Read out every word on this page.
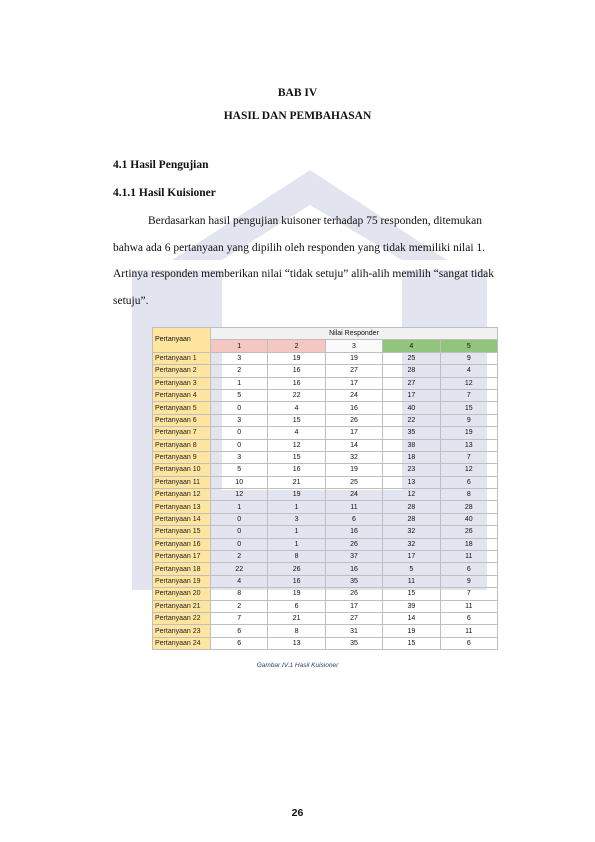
BAB IV
HASIL DAN PEMBAHASAN
4.1 Hasil Pengujian
4.1.1 Hasil Kuisioner
Berdasarkan hasil pengujian kuisoner terhadap 75 responden, ditemukan
bahwa ada 6 pertanyaan yang dipilih oleh responden yang tidak memiliki nilai 1.
Artinya responden memberikan nilai “tidak setuju” alih-alih memilih “sangat tidak
setuju”.
Pertanyaan	Nilai Responder				
	1	2	3	4	5
Pertanyaan 1	3	19	19	25	9
Pertanyaan 2	2	16	27	28	4
Pertanyaan 3	1	16	17	27	12
Pertanyaan 4	5	22	24	17	7
Pertanyaan 5	0	4	16	40	15
Pertanyaan 6	3	15	26	22	9
Pertanyaan 7	0	4	17	35	19
Pertanyaan 8	0	12	14	38	13
Pertanyaan 9	3	15	32	18	7
Pertanyaan 10	5	16	19	23	12
Pertanyaan 11	10	21	25	13	6
Pertanyaan 12	12	19	24	12	8
Pertanyaan 13	1	1	11	28	28
Pertanyaan 14	0	3	6	28	40
Pertanyaan 15	0	1	16	32	26
Pertanyaan 16	0	1	26	32	18
Pertanyaan 17	2	8	37	17	11
Pertanyaan 18	22	26	16	5	6
Pertanyaan 19	4	16	35	11	9
Pertanyaan 20	8	19	26	15	7
Pertanyaan 21	2	6	17	39	11
Pertanyaan 22	7	21	27	14	6
Pertanyaan 23	6	8	31	19	11
Pertanyaan 24	6	13	35	15	6
Gambar IV.1 Hasil Kuisioner
26
